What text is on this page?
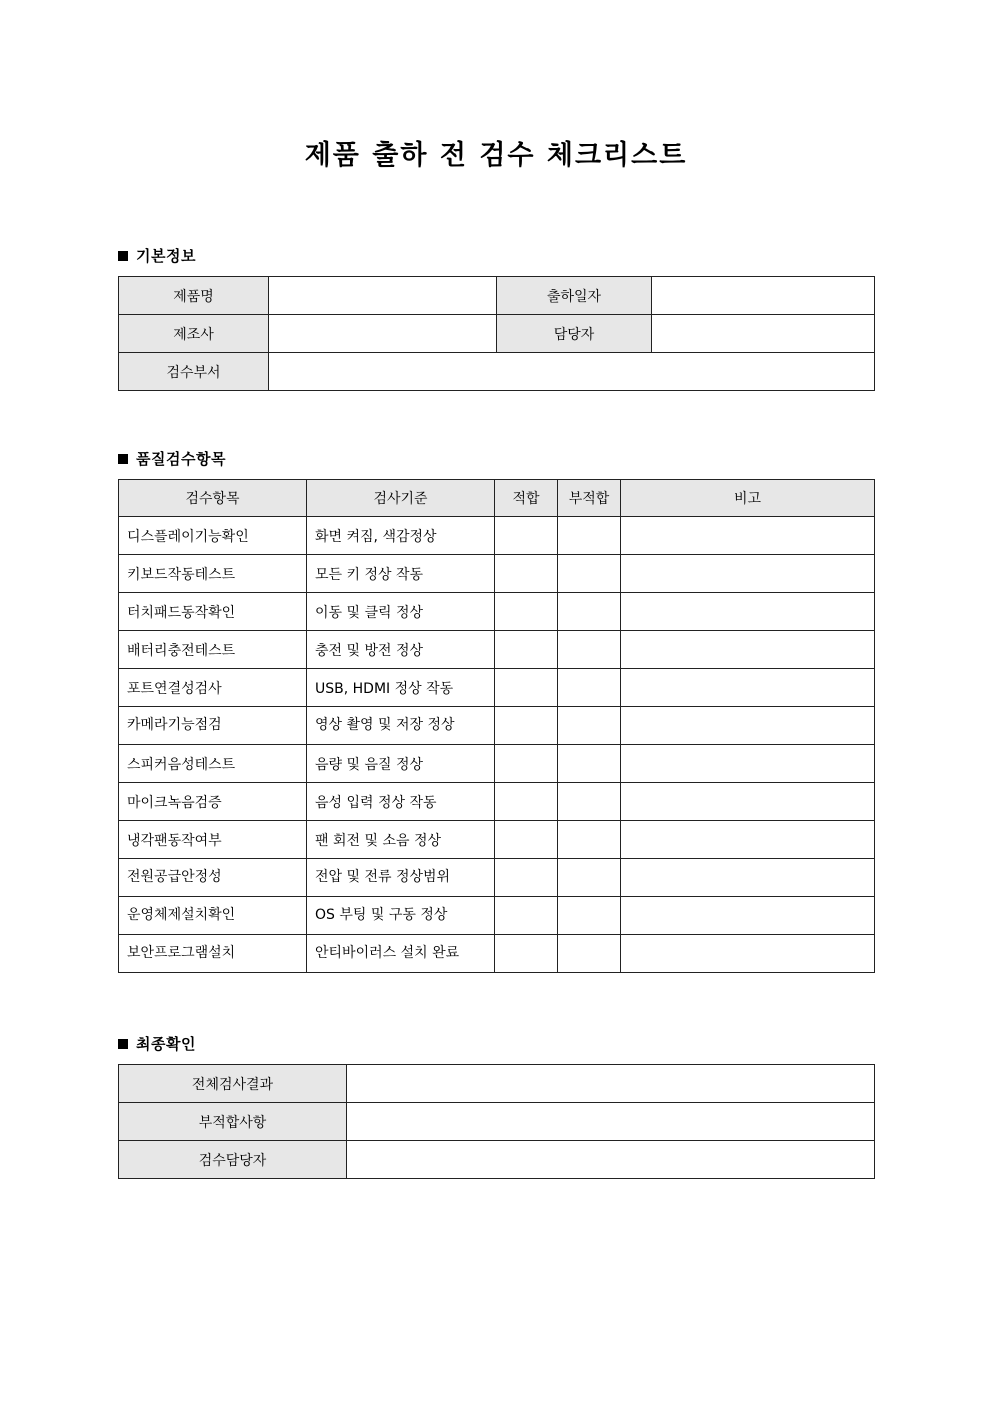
제품 출하 전 검수 체크리스트
기본정보
제품명		출하일자	
제조사		담당자	
검수부서			
품질검수항목
검수항목	검사기준	적합	부적합	비고
디스플레이기능확인	화면 켜짐, 색감정상			
키보드작동테스트	모든 키 정상 작동			
터치패드동작확인	이동 및 클릭 정상			
배터리충전테스트	충전 및 방전 정상			
포트연결성검사	USB, HDMI 정상 작동			
카메라기능점검	영상 촬영 및 저장 정상			
스피커음성테스트	음량 및 음질 정상			
마이크녹음검증	음성 입력 정상 작동			
냉각팬동작여부	팬 회전 및 소음 정상			
전원공급안정성	전압 및 전류 정상범위			
운영체제설치확인	OS 부팅 및 구동 정상			
보안프로그램설치	안티바이러스 설치 완료			
최종확인
전체검사결과	
부적합사항	
검수담당자	
